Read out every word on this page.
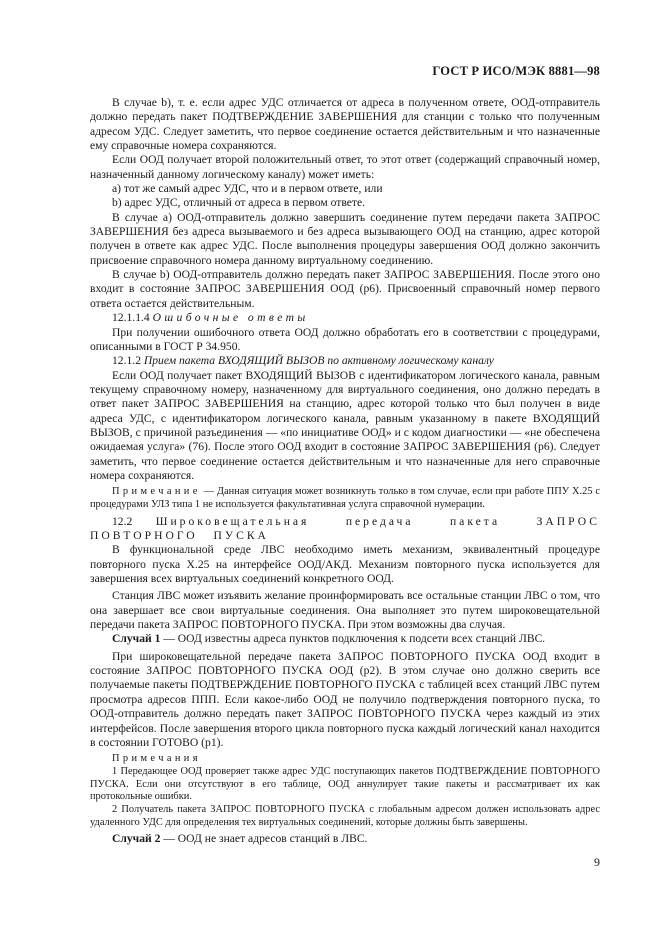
ГОСТ Р ИСО/МЭК 8881—98

В случае b), т. е. если адрес УДС отличается от адреса в полученном ответе, ООД-отправитель должно передать пакет ПОДТВЕРЖДЕНИЕ ЗАВЕРШЕНИЯ для станции с только что полученным адресом УДС. Следует заметить, что первое соединение остается действительным и что назначенные ему справочные номера сохраняются.

Если ООД получает второй положительный ответ, то этот ответ (содержащий справочный номер, назначенный данному логическому каналу) может иметь:

a) тот же самый адрес УДС, что и в первом ответе, или

b) адрес УДС, отличный от адреса в первом ответе.

В случае a) ООД-отправитель должно завершить соединение путем передачи пакета ЗАПРОС ЗАВЕРШЕНИЯ без адреса вызываемого и без адреса вызывающего ООД на станцию, адрес которой получен в ответе как адрес УДС. После выполнения процедуры завершения ООД должно закончить присвоение справочного номера данному виртуальному соединению.

В случае b) ООД-отправитель должно передать пакет ЗАПРОС ЗАВЕРШЕНИЯ. После этого оно входит в состояние ЗАПРОС ЗАВЕРШЕНИЯ ООД (p6). Присвоенный справочный номер первого ответа остается действительным.

12.1.1.4 Ошибочные ответы

При получении ошибочного ответа ООД должно обработать его в соответствии с процедурами, описанными в ГОСТ Р 34.950.

12.1.2 Прием пакета ВХОДЯЩИЙ ВЫЗОВ по активному логическому каналу

Если ООД получает пакет ВХОДЯЩИЙ ВЫЗОВ с идентификатором логического канала, равным текущему справочному номеру, назначенному для виртуального соединения, оно должно передать в ответ пакет ЗАПРОС ЗАВЕРШЕНИЯ на станцию, адрес которой только что был получен в виде адреса УДС, с идентификатором логического канала, равным указанному в пакете ВХОДЯЩИЙ ВЫЗОВ, с причиной разъединения — «по инициативе ООД» и с кодом диагностики — «не обеспечена ожидаемая услуга» (76). После этого ООД входит в состояние ЗАПРОС ЗАВЕРШЕНИЯ (p6). Следует заметить, что первое соединение остается действительным и что назначенные для него справочные номера сохраняются.

Примечание — Данная ситуация может возникнуть только в том случае, если при работе ППУ X.25 с процедурами УЛЗ типа 1 не используется факультативная услуга справочной нумерации.

12.2 Широковещательная передача пакета ЗАПРОС ПОВТОРНОГО ПУСКА

В функциональной среде ЛВС необходимо иметь механизм, эквивалентный процедуре повторного пуска X.25 на интерфейсе ООД/АКД. Механизм повторного пуска используется для завершения всех виртуальных соединений конкретного ООД.

Станция ЛВС может изъявить желание проинформировать все остальные станции ЛВС о том, что она завершает все свои виртуальные соединения. Она выполняет это путем широковещательной передачи пакета ЗАПРОС ПОВТОРНОГО ПУСКА. При этом возможны два случая.

Случай 1 — ООД известны адреса пунктов подключения к подсети всех станций ЛВС.

При широковещательной передаче пакета ЗАПРОС ПОВТОРНОГО ПУСКА ООД входит в состояние ЗАПРОС ПОВТОРНОГО ПУСКА ООД (p2). В этом случае оно должно сверить все получаемые пакеты ПОДТВЕРЖДЕНИЕ ПОВТОРНОГО ПУСКА с таблицей всех станций ЛВС путем просмотра адресов ППП. Если какое-либо ООД не получило подтверждения повторного пуска, то ООД-отправитель должно передать пакет ЗАПРОС ПОВТОРНОГО ПУСКА через каждый из этих интерфейсов. После завершения второго цикла повторного пуска каждый логический канал находится в состоянии ГОТОВО (p1).

Примечания

1 Передающее ООД проверяет также адрес УДС поступающих пакетов ПОДТВЕРЖДЕНИЕ ПОВТОРНОГО ПУСКА. Если они отсутствуют в его таблице, ООД аннулирует такие пакеты и рассматривает их как протокольные ошибки.

2 Получатель пакета ЗАПРОС ПОВТОРНОГО ПУСКА с глобальным адресом должен использовать адрес удаленного УДС для определения тех виртуальных соединений, которые должны быть завершены.

Случай 2 — ООД не знает адресов станций в ЛВС.

9
